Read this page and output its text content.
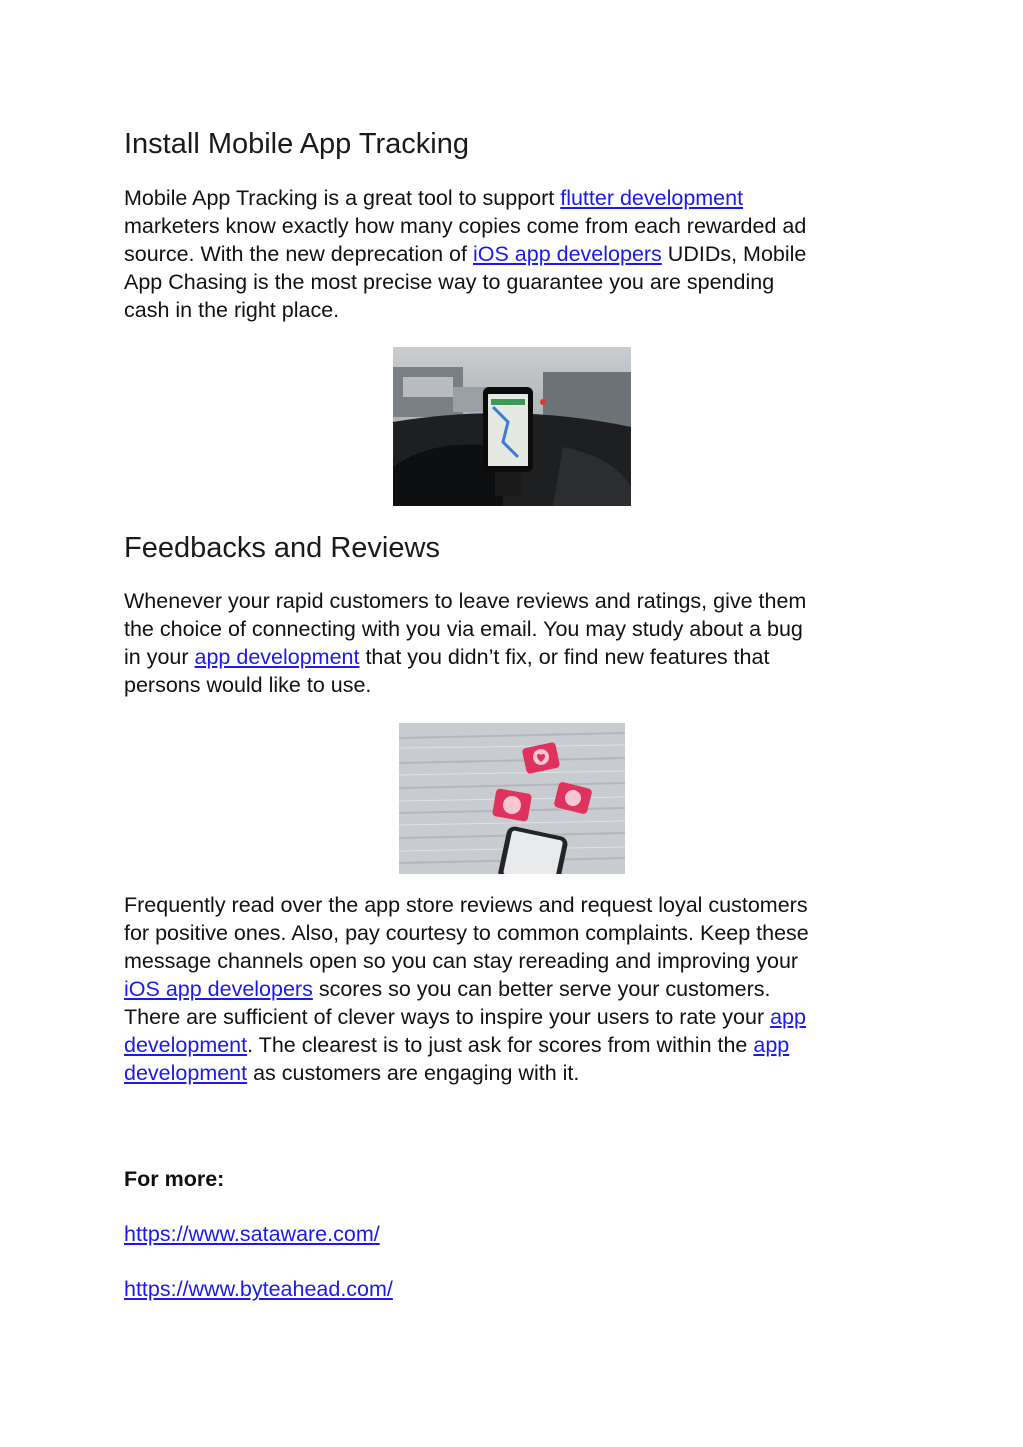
Install Mobile App Tracking
Mobile App Tracking is a great tool to support flutter development
marketers know exactly how many copies come from each rewarded ad
source. With the new deprecation of iOS app developers UDIDs, Mobile
App Chasing is the most precise way to guarantee you are spending
cash in the right place.
Feedbacks and Reviews
Whenever your rapid customers to leave reviews and ratings, give them
the choice of connecting with you via email. You may study about a bug
in your app development that you didn’t fix, or find new features that
persons would like to use.
Frequently read over the app store reviews and request loyal customers
for positive ones. Also, pay courtesy to common complaints. Keep these
message channels open so you can stay rereading and improving your
iOS app developers scores so you can better serve your customers.
There are sufficient of clever ways to inspire your users to rate your app
development. The clearest is to just ask for scores from within the app
development as customers are engaging with it.
For more:
https://www.sataware.com/
https://www.byteahead.com/
